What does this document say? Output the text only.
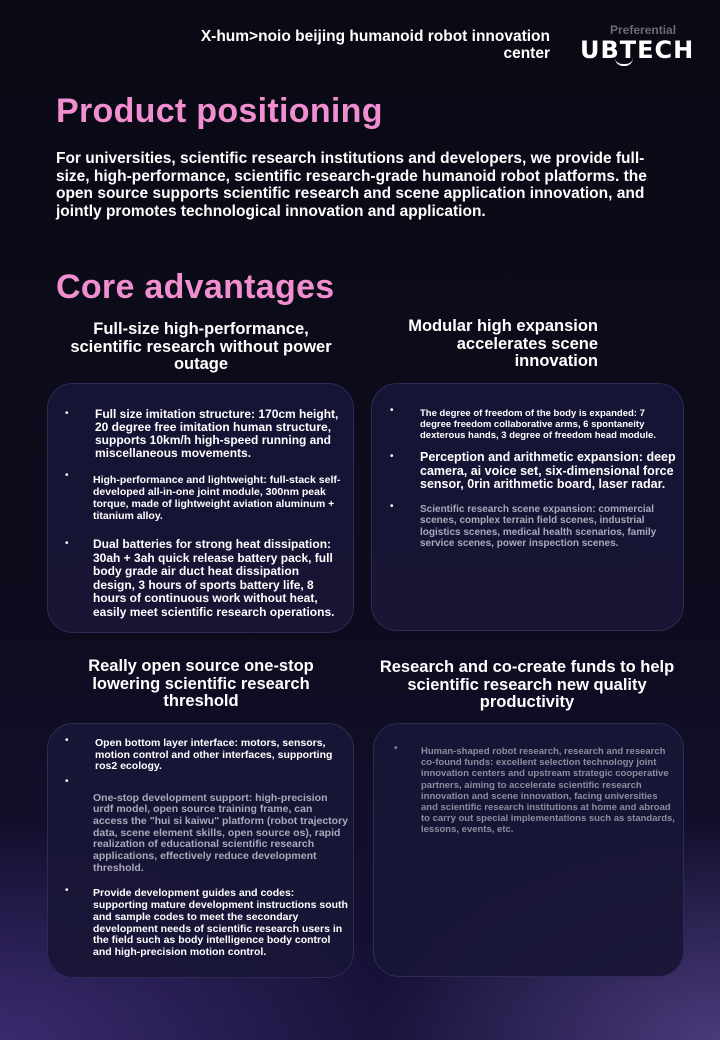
X-hum>noio beijing humanoid robot innovation center
Preferential
UBTECH
Product positioning
For universities, scientific research institutions and developers, we provide full-size, high-performance, scientific research-grade humanoid robot platforms. the open source supports scientific research and scene application innovation, and jointly promotes technological innovation and application.
Core advantages
Full-size high-performance, scientific research without power outage
• Full size imitation structure: 170cm height, 20 degree free imitation human structure, supports 10km/h high-speed running and miscellaneous movements.
• High-performance and lightweight: full-stack self-developed all-in-one joint module, 300nm peak torque, made of lightweight aviation aluminum + titanium alloy.
• Dual batteries for strong heat dissipation: 30ah + 3ah quick release battery pack, full body grade air duct heat dissipation design, 3 hours of sports battery life, 8 hours of continuous work without heat, easily meet scientific research operations.
Modular high expansion accelerates scene innovation
•	The degree of freedom of the body is expanded: 7 degree freedom collaborative arms, 6 spontaneity dexterous hands, 3 degree of freedom head module.
• Perception and arithmetic expansion: deep camera, ai voice set, six-dimensional force sensor, 0rin arithmetic board, laser radar.
•	Scientific research scene expansion: commercial scenes, complex terrain field scenes, industrial logistics scenes, medical health scenarios, family service scenes, power inspection scenes.
Really open source one-stop lowering scientific research threshold
•	Open bottom layer interface: motors, sensors, motion control and other interfaces, supporting ros2 ecology.
•
One-stop development support: high-precision urdf model, open source training frame, can access the "hui si kaiwu" platform (robot trajectory data, scene element skills, open source os), rapid realization of educational scientific research applications, effectively reduce development threshold.
• Provide development guides and codes: supporting mature development instructions south and sample codes to meet the secondary development needs of scientific research users in the field such as body intelligence body control and high-precision motion control.
Research and co-create funds to help scientific research new quality productivity
• Human-shaped robot research, research and research co-found funds: excellent selection technology joint innovation centers and upstream strategic cooperative partners, aiming to accelerate scientific research innovation and scene innovation, facing universities and scientific research institutions at home and abroad to carry out special implementations such as standards, lessons, events, etc.
